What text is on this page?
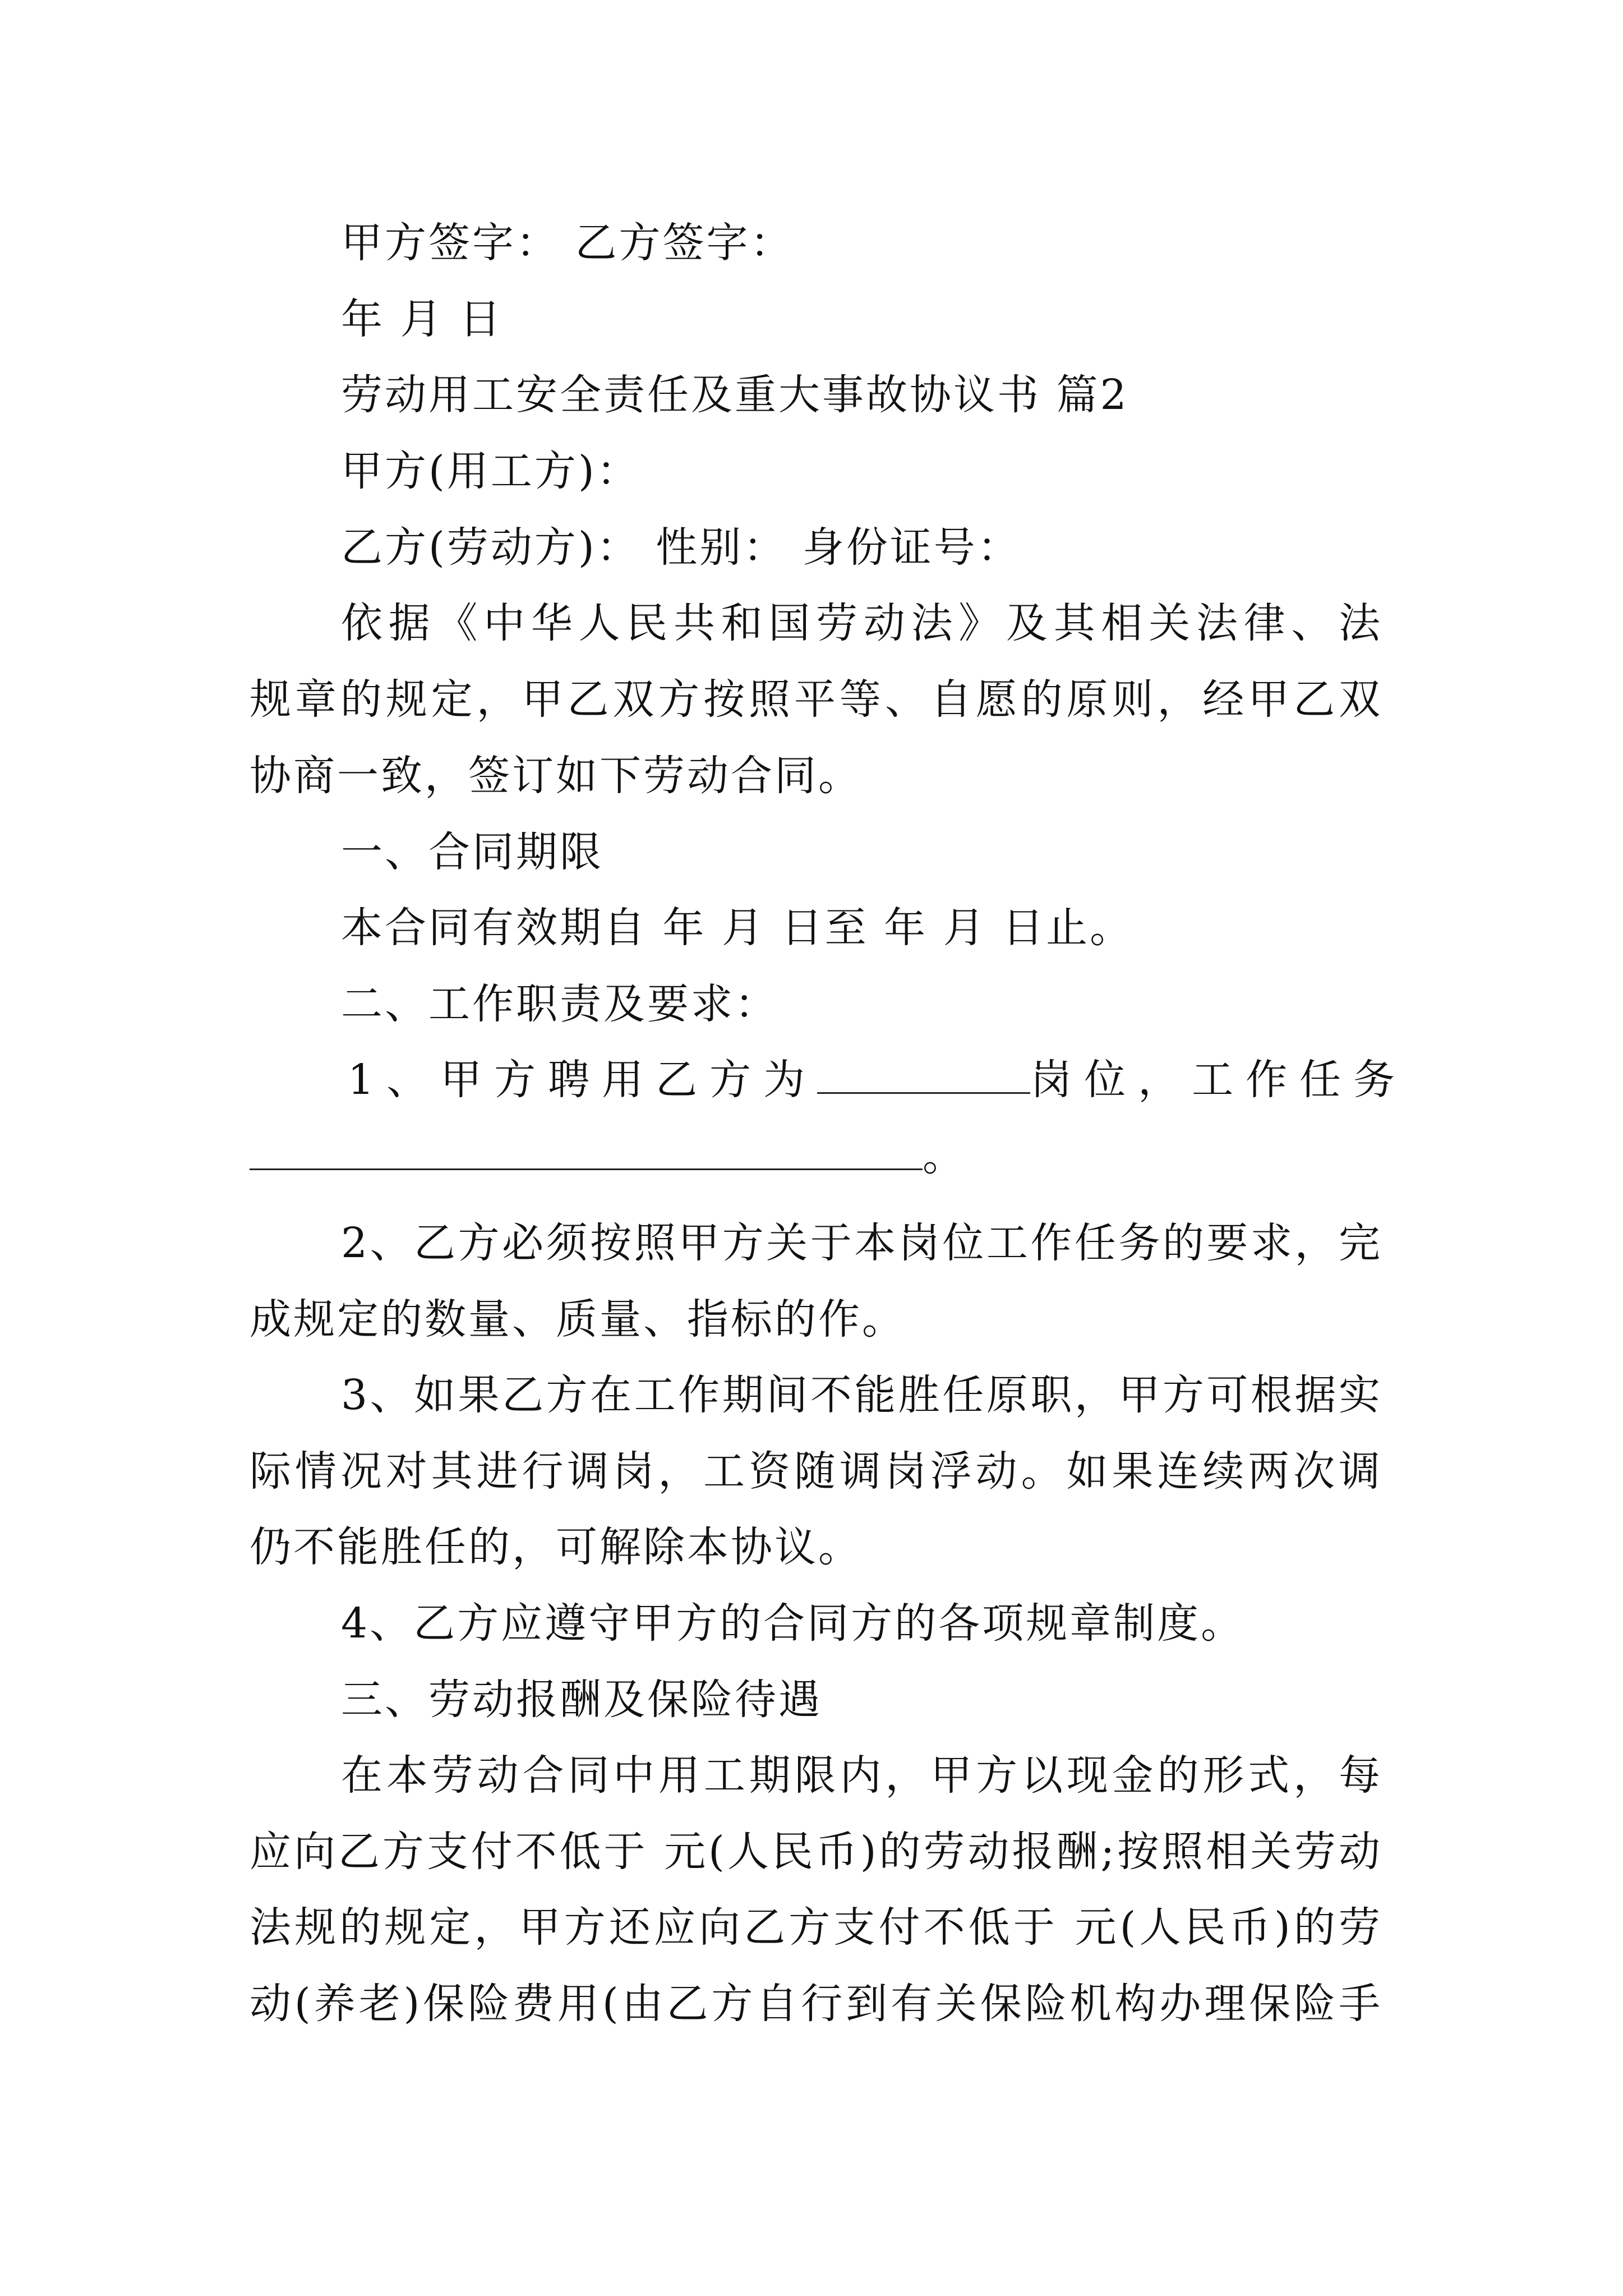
甲方签字： 乙方签字：
年 月 日
劳动用工安全责任及重大事故协议书 篇2
甲方(用工方)：
乙方(劳动方)： 性别： 身份证号：
依据《中华人民共和国劳动法》及其相关法律、法
规章的规定，甲乙双方按照平等、自愿的原则，经甲乙双
协商一致，签订如下劳动合同。
一、合同期限
本合同有效期自 年 月 日至 年 月 日止。
二、工作职责及要求：
1、甲方聘用乙方为	岗位，工作任务
。
2、乙方必须按照甲方关于本岗位工作任务的要求，完
成规定的数量、质量、指标的作。
3、如果乙方在工作期间不能胜任原职，甲方可根据实
际情况对其进行调岗，工资随调岗浮动。如果连续两次调
仍不能胜任的，可解除本协议。
4、乙方应遵守甲方的合同方的各项规章制度。
三、劳动报酬及保险待遇
在本劳动合同中用工期限内，甲方以现金的形式，每
应向乙方支付不低于 元(人民币)的劳动报酬;按照相关劳动
法规的规定，甲方还应向乙方支付不低于 元(人民币)的劳
动(养老)保险费用(由乙方自行到有关保险机构办理保险手
